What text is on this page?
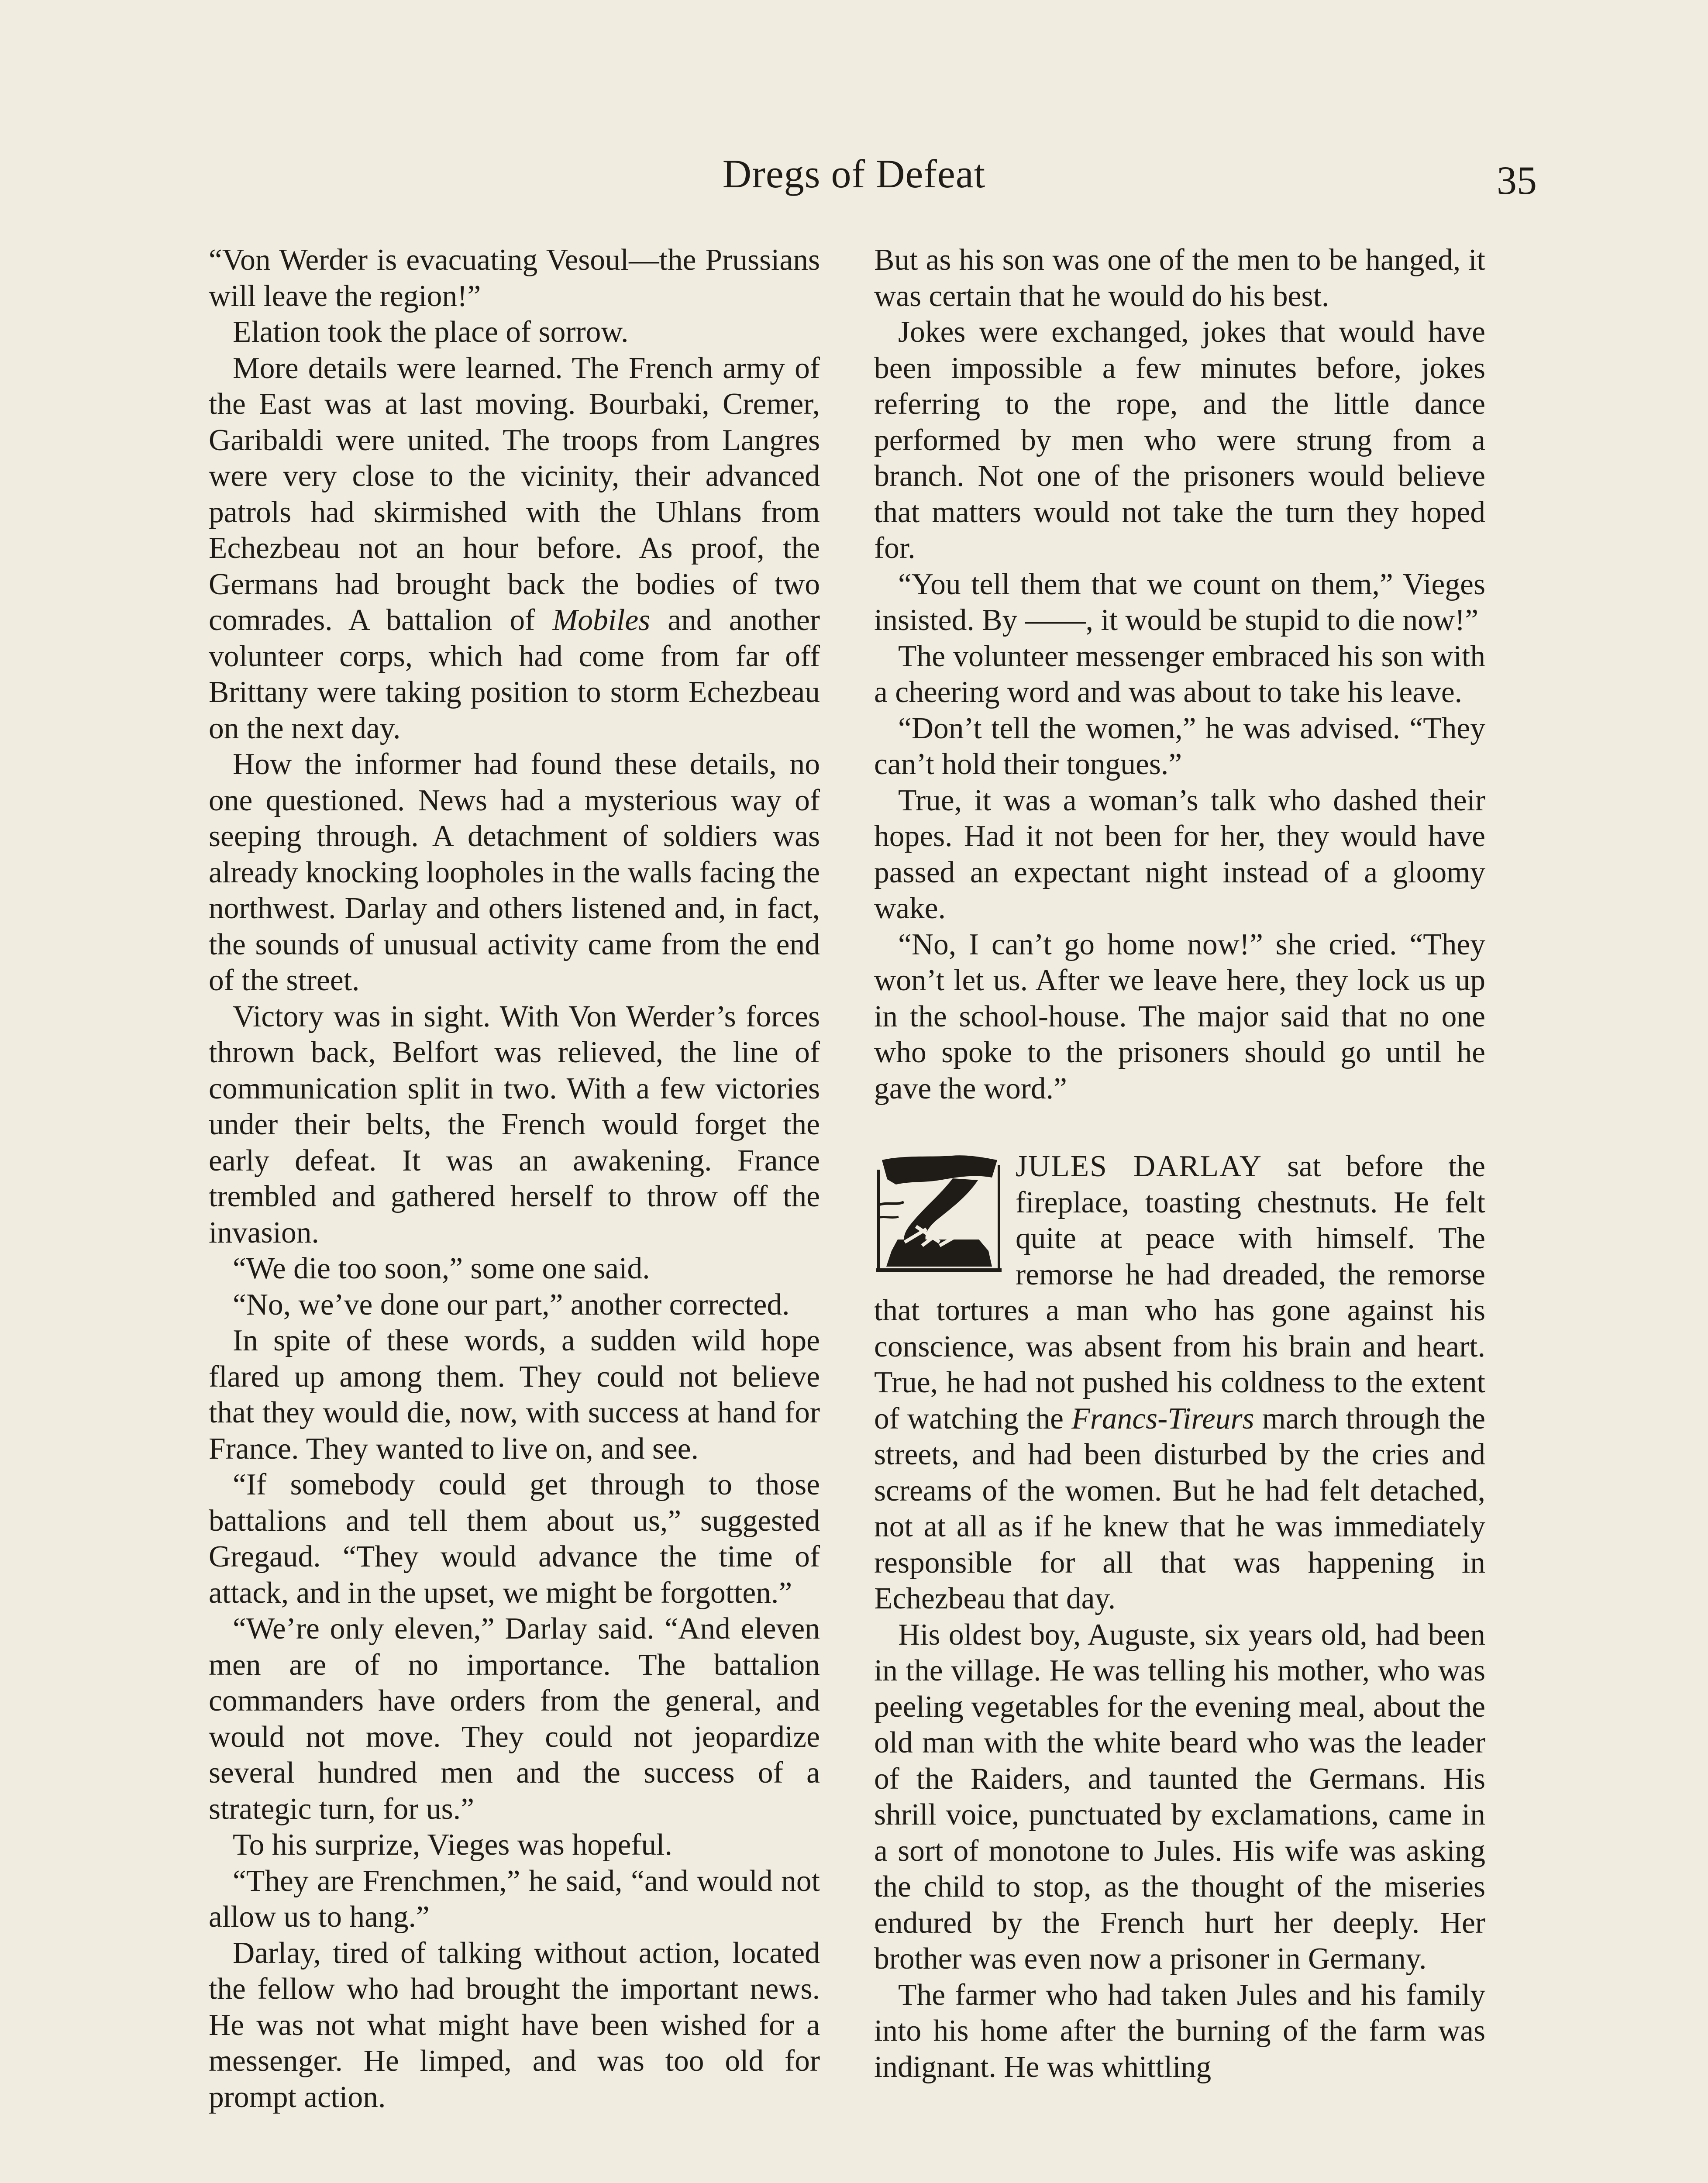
Dregs of Defeat	35

“Von Werder is evacuating Vesoul—the Prussians will leave the region!”

Elation took the place of sorrow.

More details were learned. The French army of the East was at last moving. Bourbaki, Cremer, Garibaldi were united. The troops from Langres were very close to the vicinity, their advanced patrols had skirmished with the Uhlans from Echezbeau not an hour before. As proof, the Germans had brought back the bodies of two comrades. A battalion of Mobiles and another volunteer corps, which had come from far off Brittany were taking position to storm Echezbeau on the next day.

How the informer had found these details, no one questioned. News had a mysterious way of seeping through. A detachment of soldiers was already knocking loopholes in the walls facing the northwest. Darlay and others listened and, in fact, the sounds of unusual activity came from the end of the street.

Victory was in sight. With Von Werder’s forces thrown back, Belfort was relieved, the line of communication split in two. With a few victories under their belts, the French would forget the early defeat. It was an awakening. France trembled and gathered herself to throw off the invasion.

“We die too soon,” some one said.

“No, we’ve done our part,” another corrected.

In spite of these words, a sudden wild hope flared up among them. They could not believe that they would die, now, with success at hand for France. They wanted to live on, and see.

“If somebody could get through to those battalions and tell them about us,” suggested Gregaud. “They would advance the time of attack, and in the upset, we might be forgotten.”

“We’re only eleven,” Darlay said. “And eleven men are of no importance. The battalion commanders have orders from the general, and would not move. They could not jeopardize several hundred men and the success of a strategic turn, for us.”

To his surprize, Vieges was hopeful.

“They are Frenchmen,” he said, “and would not allow us to hang.”

Darlay, tired of talking without action, located the fellow who had brought the important news. He was not what might have been wished for a messenger. He limped, and was too old for prompt action.

But as his son was one of the men to be hanged, it was certain that he would do his best.

Jokes were exchanged, jokes that would have been impossible a few minutes before, jokes referring to the rope, and the little dance performed by men who were strung from a branch. Not one of the prisoners would believe that matters would not take the turn they hoped for.

“You tell them that we count on them,” Vieges insisted. By ——, it would be stupid to die now!”

The volunteer messenger embraced his son with a cheering word and was about to take his leave.

“Don’t tell the women,” he was advised. “They can’t hold their tongues.”

True, it was a woman’s talk who dashed their hopes. Had it not been for her, they would have passed an expectant night instead of a gloomy wake.

“No, I can’t go home now!” she cried. “They won’t let us. After we leave here, they lock us up in the school-house. The major said that no one who spoke to the prisoners should go until he gave the word.”

JULES DARLAY sat before the fireplace, toasting chestnuts. He felt quite at peace with himself. The remorse he had dreaded, the remorse that tortures a man who has gone against his conscience, was absent from his brain and heart. True, he had not pushed his coldness to the extent of watching the Francs-Tireurs march through the streets, and had been disturbed by the cries and screams of the women. But he had felt detached, not at all as if he knew that he was immediately responsible for all that was happening in Echezbeau that day.

His oldest boy, Auguste, six years old, had been in the village. He was telling his mother, who was peeling vegetables for the evening meal, about the old man with the white beard who was the leader of the Raiders, and taunted the Germans. His shrill voice, punctuated by exclamations, came in a sort of monotone to Jules. His wife was asking the child to stop, as the thought of the miseries endured by the French hurt her deeply. Her brother was even now a prisoner in Germany.

The farmer who had taken Jules and his family into his home after the burning of the farm was indignant. He was whittling
